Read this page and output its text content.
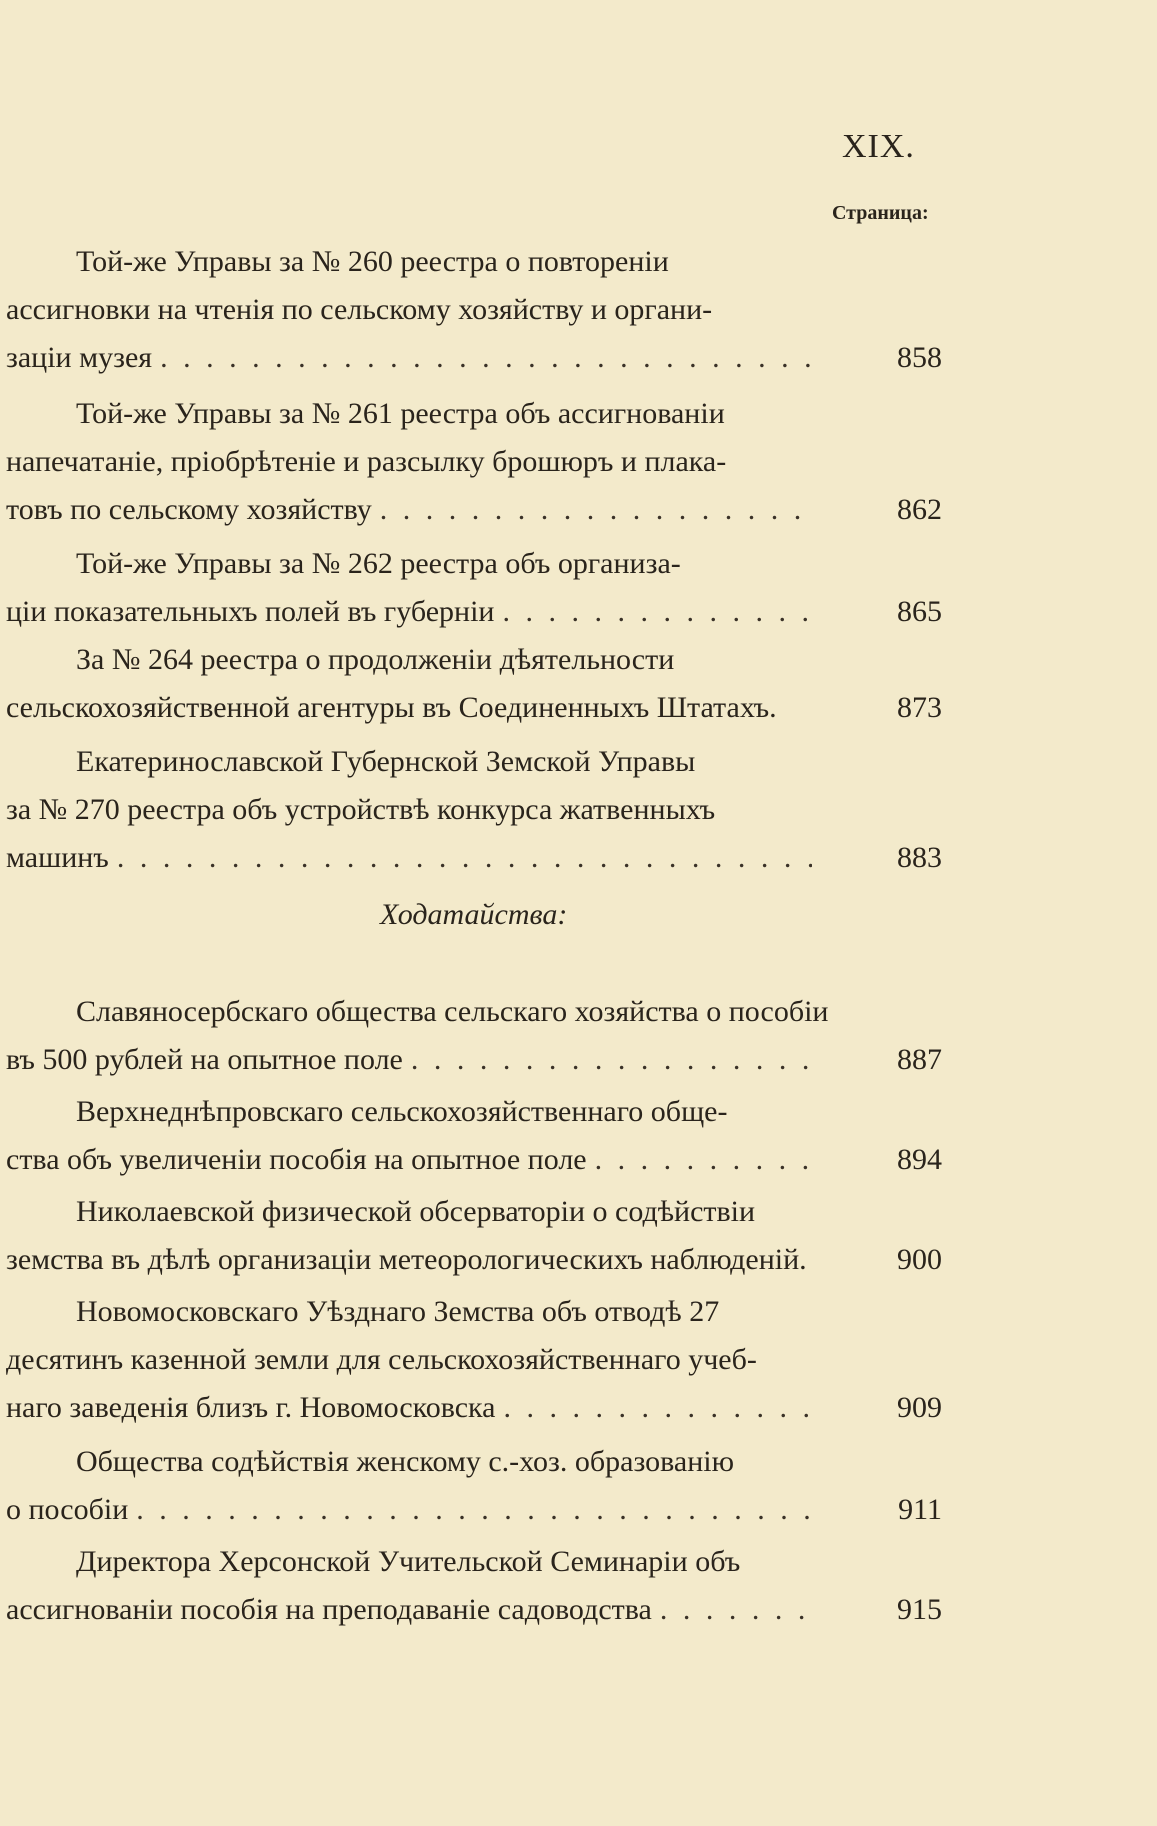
XIX.
Страница:
Той-же Управы за № 260 реестра о повтореніи
ассигновки на чтенія по сельскому хозяйству и органи-
заціи музея . . .	858
Той-же Управы за № 261 реестра объ ассигнованіи
напечатаніе, пріобрѣтеніе и разсылку брошюръ и плака-
товъ по сельскому хозяйству . . .	862
Той-же Управы за № 262 реестра объ организа-
ціи показательныхъ полей въ губерніи . . .	865
За № 264 реестра о продолженіи дѣятельности
сельскохозяйственной агентуры въ Соединенныхъ Штатахъ.	873
Екатеринославской Губернской Земской Управы
за № 270 реестра объ устройствѣ конкурса жатвенныхъ
машинъ . . .	883
Ходатайства:
Славяносербскаго общества сельскаго хозяйства о пособіи
въ 500 рублей на опытное поле . . .	887
Верхнеднѣпровскаго сельскохозяйственнаго обще-
ства объ увеличеніи пособія на опытное поле . . .	894
Николаевской физической обсерваторіи о содѣйствіи
земства въ дѣлѣ организаціи метеорологическихъ наблюденій.	900
Новомосковскаго Уѣзднаго Земства объ отводѣ 27
десятинъ казенной земли для сельскохозяйственнаго учеб-
наго заведенія близъ г. Новомосковска . . .	909
Общества содѣйствія женскому с.-хоз. образованію
о пособіи . . .	911
Директора Херсонской Учительской Семинаріи объ
ассигнованіи пособія на преподаваніе садоводства . . .	915
